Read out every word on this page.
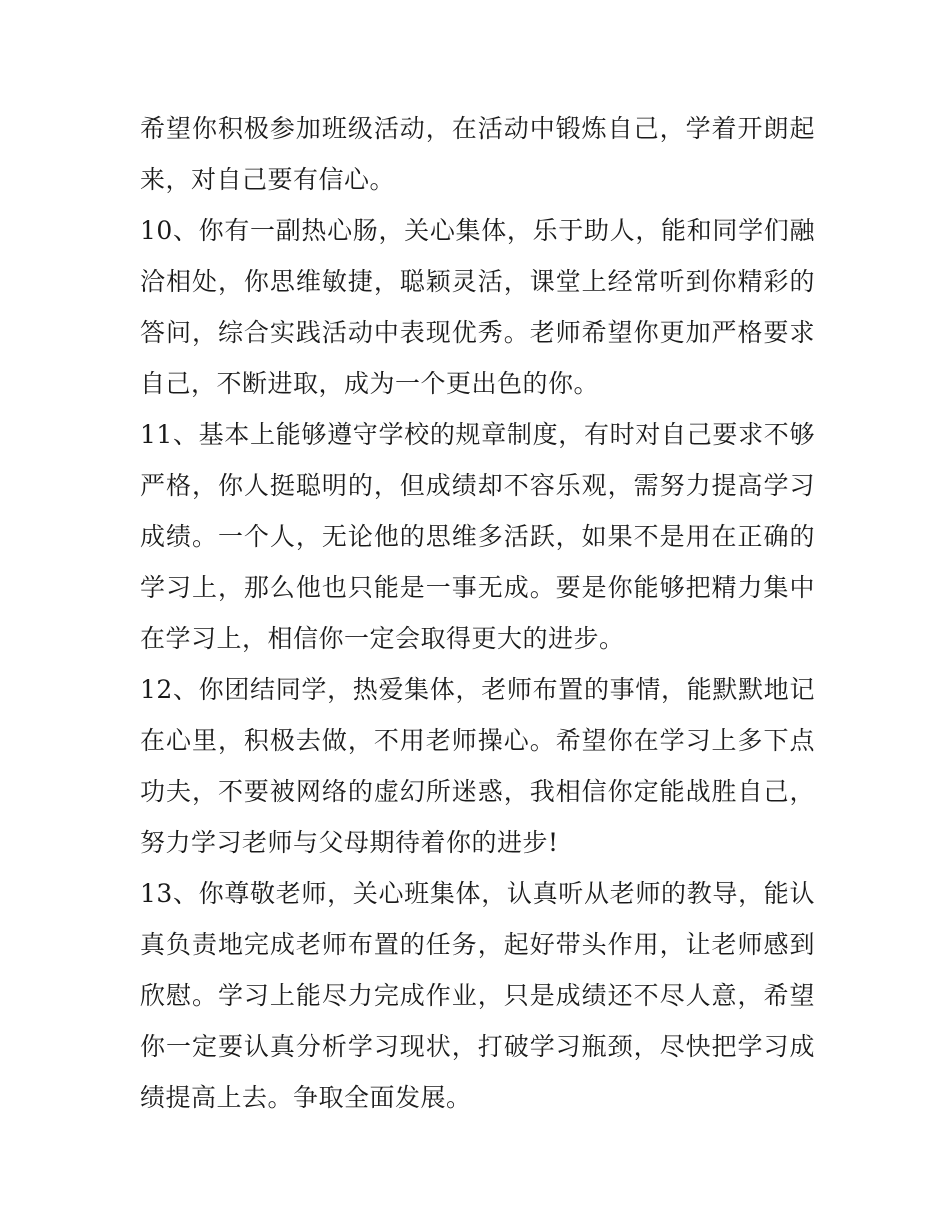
希望你积极参加班级活动，在活动中锻炼自己，学着开朗起来，对自己要有信心。

10、你有一副热心肠，关心集体，乐于助人，能和同学们融洽相处，你思维敏捷，聪颖灵活，课堂上经常听到你精彩的答问，综合实践活动中表现优秀。老师希望你更加严格要求自己，不断进取，成为一个更出色的你。

11、基本上能够遵守学校的规章制度，有时对自己要求不够严格，你人挺聪明的，但成绩却不容乐观，需努力提高学习成绩。一个人，无论他的思维多活跃，如果不是用在正确的学习上，那么他也只能是一事无成。要是你能够把精力集中在学习上，相信你一定会取得更大的进步。

12、你团结同学，热爱集体，老师布置的事情，能默默地记在心里，积极去做，不用老师操心。希望你在学习上多下点功夫，不要被网络的虚幻所迷惑，我相信你定能战胜自己，努力学习老师与父母期待着你的进步!

13、你尊敬老师，关心班集体，认真听从老师的教导，能认真负责地完成老师布置的任务，起好带头作用，让老师感到欣慰。学习上能尽力完成作业，只是成绩还不尽人意，希望你一定要认真分析学习现状，打破学习瓶颈，尽快把学习成绩提高上去。争取全面发展。
